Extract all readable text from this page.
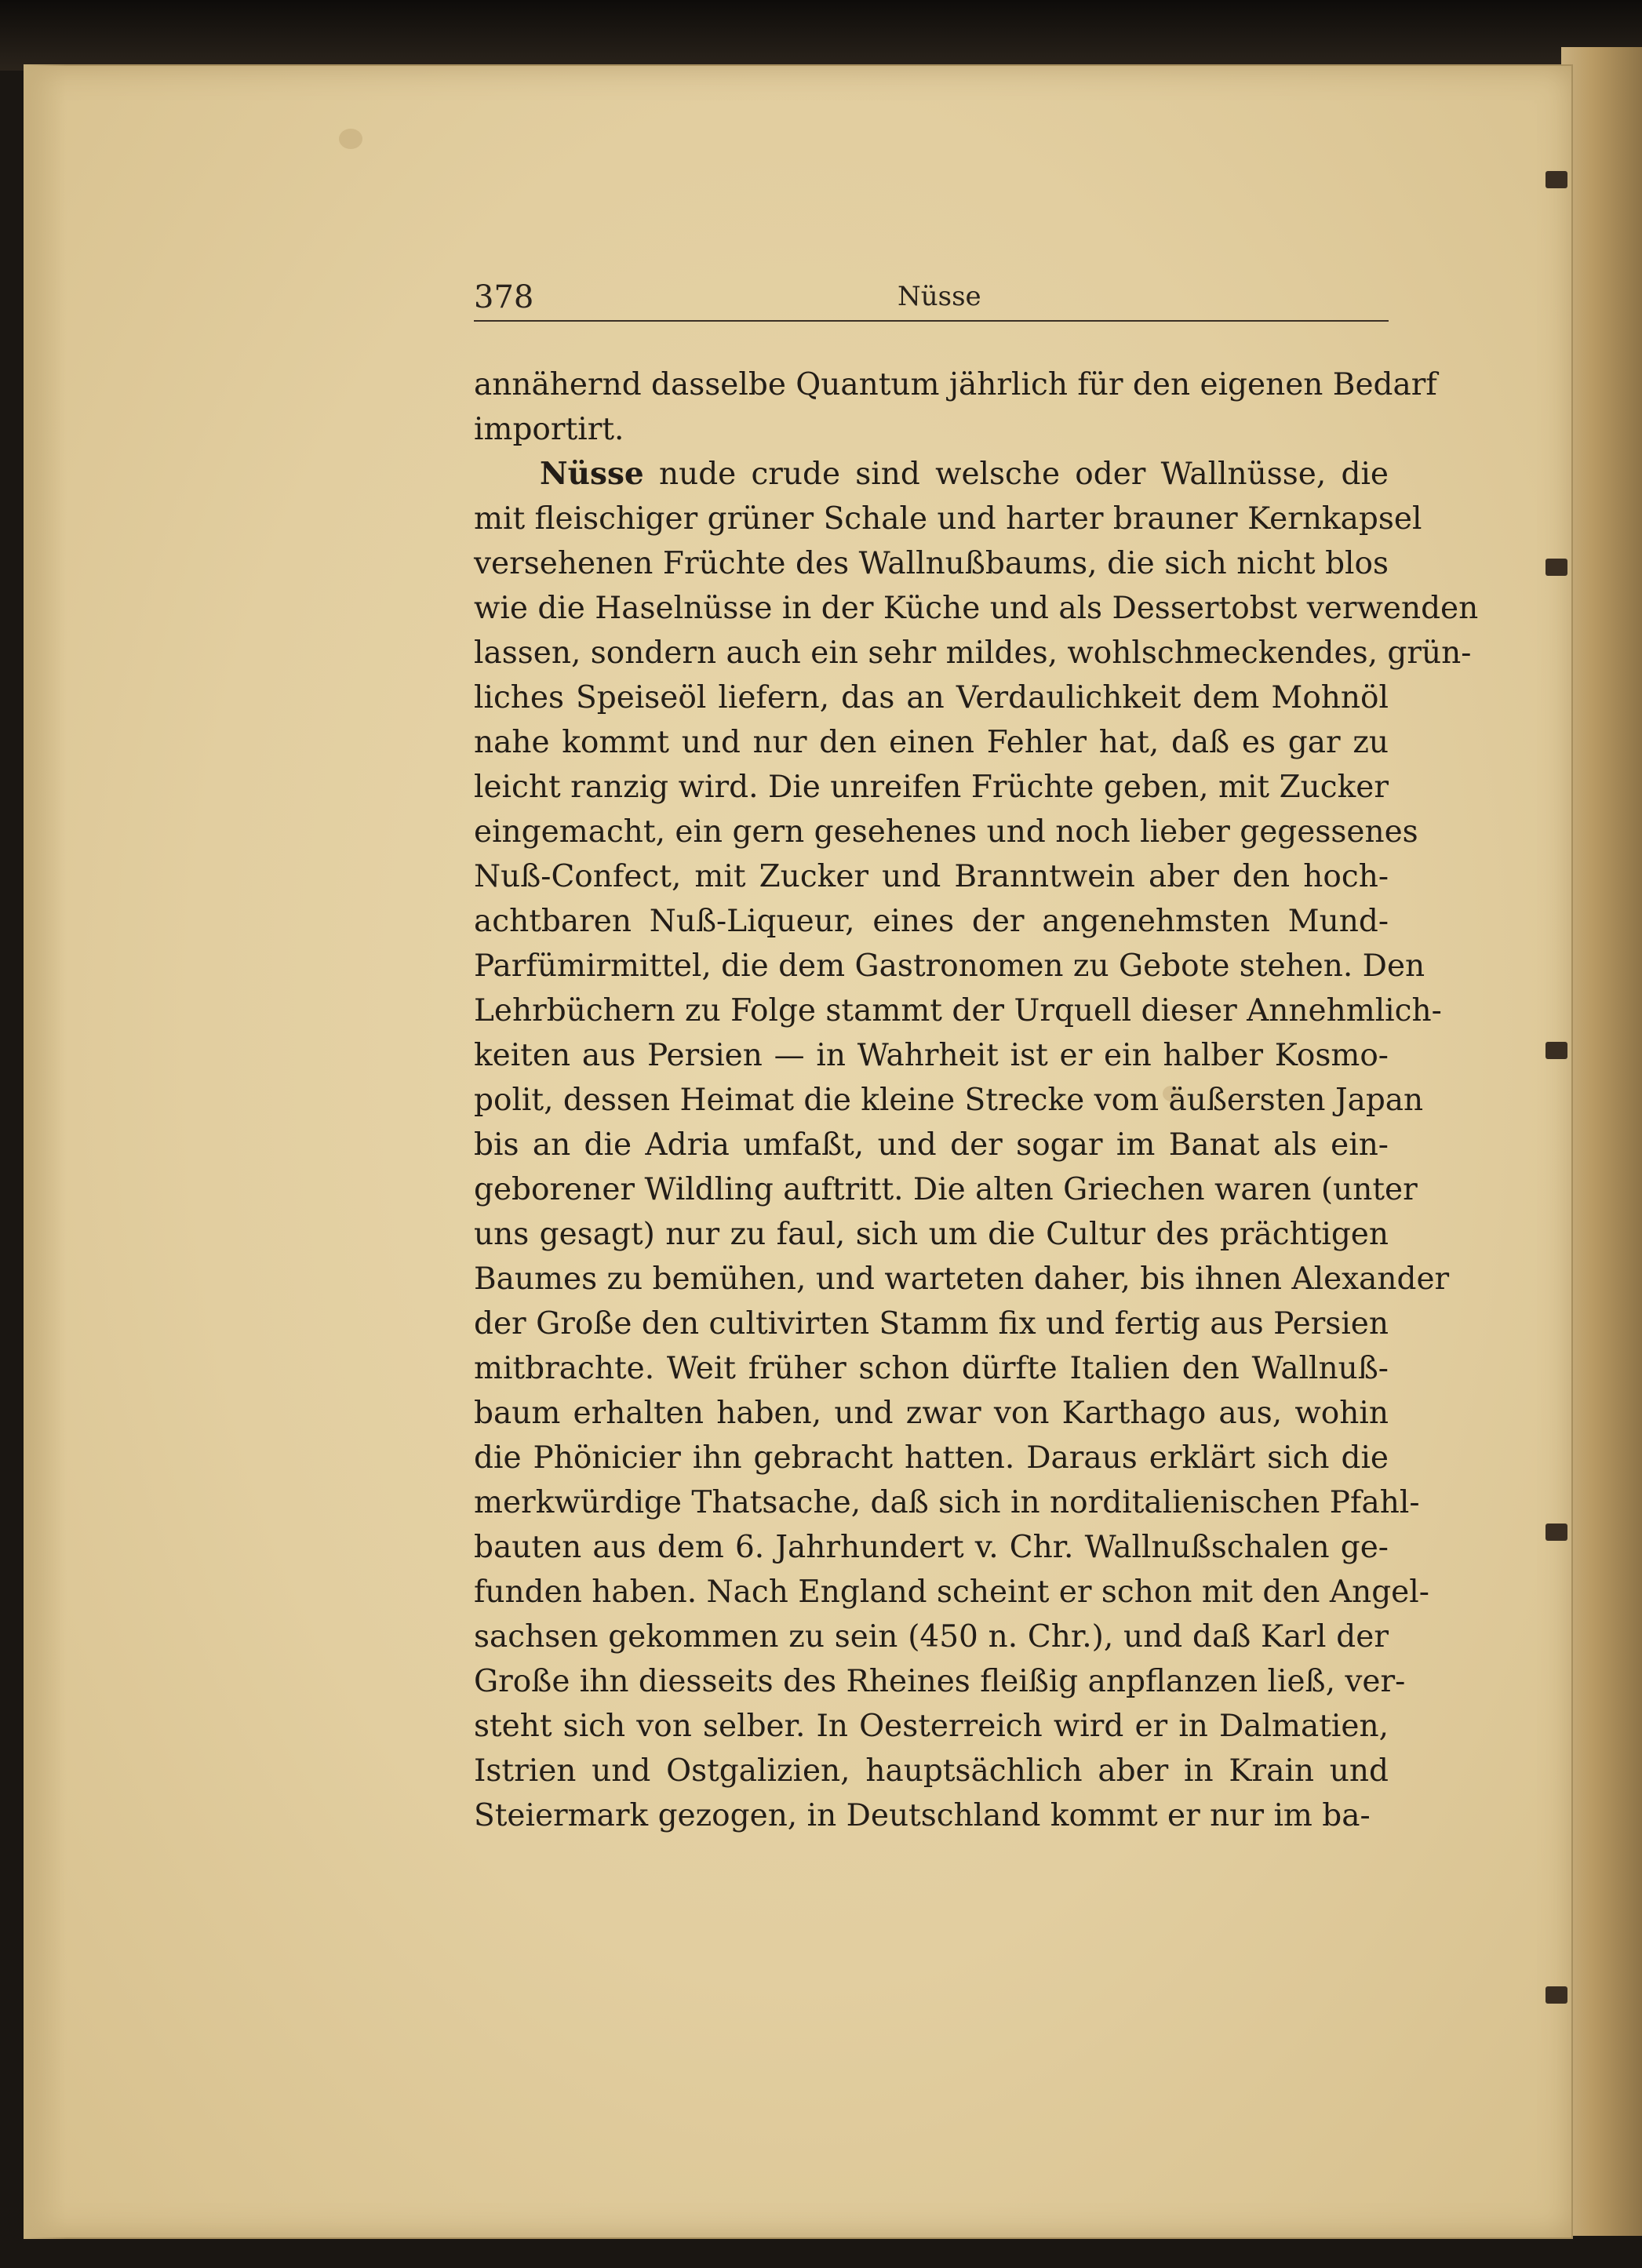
378	Nüsse
annähernd dasselbe Quantum jährlich für den eigenen Bedarf
importirt.
Nüsse nude crude sind welsche oder Wallnüsse, die
mit fleischiger grüner Schale und harter brauner Kernkapsel
versehenen Früchte des Wallnußbaums, die sich nicht blos
wie die Haselnüsse in der Küche und als Dessertobst verwenden
lassen, sondern auch ein sehr mildes, wohlschmeckendes, grün-
liches Speiseöl liefern, das an Verdaulichkeit dem Mohnöl
nahe kommt und nur den einen Fehler hat, daß es gar zu
leicht ranzig wird. Die unreifen Früchte geben, mit Zucker
eingemacht, ein gern gesehenes und noch lieber gegessenes
Nuß-Confect, mit Zucker und Branntwein aber den hoch-
achtbaren Nuß-Liqueur, eines der angenehmsten Mund-
Parfümirmittel, die dem Gastronomen zu Gebote stehen. Den
Lehrbüchern zu Folge stammt der Urquell dieser Annehmlich-
keiten aus Persien — in Wahrheit ist er ein halber Kosmo-
polit, dessen Heimat die kleine Strecke vom äußersten Japan
bis an die Adria umfaßt, und der sogar im Banat als ein-
geborener Wildling auftritt. Die alten Griechen waren (unter
uns gesagt) nur zu faul, sich um die Cultur des prächtigen
Baumes zu bemühen, und warteten daher, bis ihnen Alexander
der Große den cultivirten Stamm fix und fertig aus Persien
mitbrachte. Weit früher schon dürfte Italien den Wallnuß-
baum erhalten haben, und zwar von Karthago aus, wohin
die Phönicier ihn gebracht hatten. Daraus erklärt sich die
merkwürdige Thatsache, daß sich in norditalienischen Pfahl-
bauten aus dem 6. Jahrhundert v. Chr. Wallnußschalen ge-
funden haben. Nach England scheint er schon mit den Angel-
sachsen gekommen zu sein (450 n. Chr.), und daß Karl der
Große ihn diesseits des Rheines fleißig anpflanzen ließ, ver-
steht sich von selber. In Oesterreich wird er in Dalmatien,
Istrien und Ostgalizien, hauptsächlich aber in Krain und
Steiermark gezogen, in Deutschland kommt er nur im ba-
